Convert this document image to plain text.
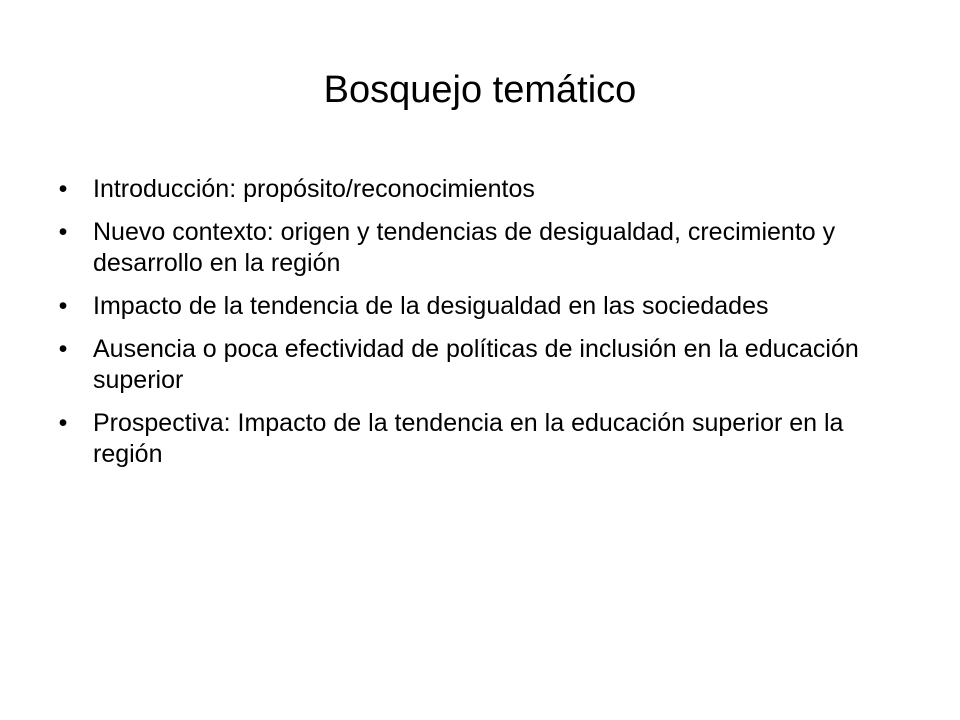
Bosquejo temático
•	Introducción: propósito/reconocimientos
•	Nuevo contexto: origen y tendencias de desigualdad, crecimiento y desarrollo en la región
•	Impacto de la tendencia de la desigualdad en las sociedades
•	Ausencia o poca efectividad de políticas de inclusión en la educación superior
•	Prospectiva: Impacto de la tendencia en la educación superior en la región
